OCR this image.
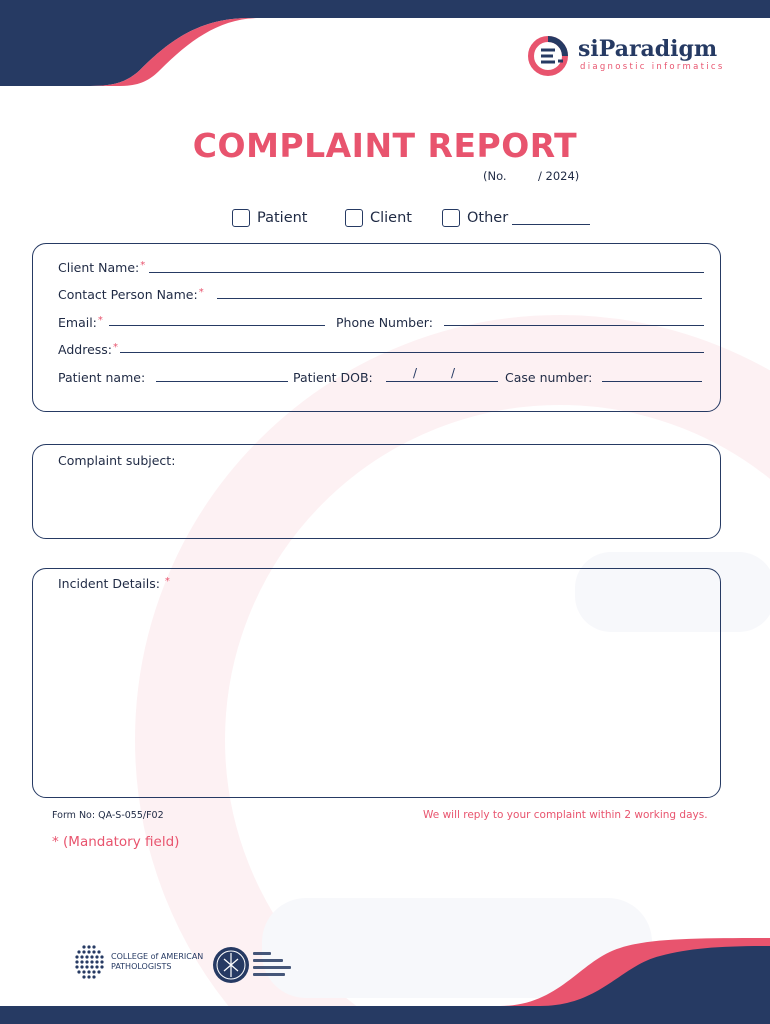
siParadigm
diagnostic informatics
COMPLAINT REPORT
(No.	/ 2024)
Patient	Client	Other
Client Name:*
Contact Person Name:*
Email:*	Phone Number:
Address:*
Patient name:	Patient DOB:	/	/	Case number:
Complaint subject:
Incident Details: *
Form No: QA-S-055/F02	We will reply to your complaint within 2 working days.
* (Mandatory field)
COLLEGE of AMERICAN
PATHOLOGISTS
